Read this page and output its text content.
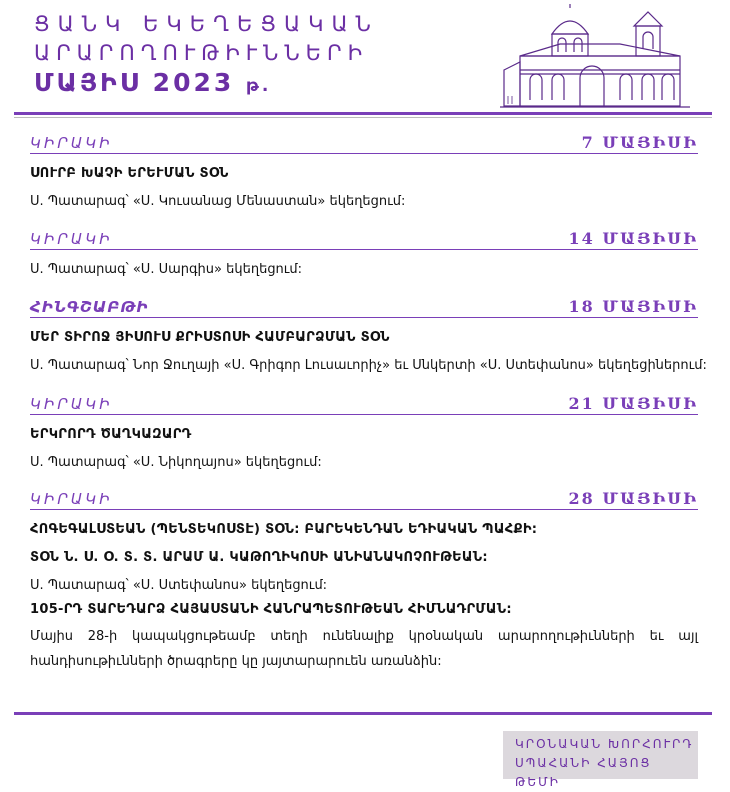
ՑԱՆԿ ԵԿԵՂԵՑԱԿԱՆ
ԱՐԱՐՈՂՈՒԹԻՒՆՆԵՐԻ
ՄԱՅԻՍ 2023 թ.
ԿԻՐԱԿԻ	7 ՄԱՅԻՍԻ
ՍՈՒՐԲ ԽԱՉԻ ԵՐԵՒՄԱՆ ՏՕՆ
Ս. Պատարագ՝ «Ս. Կուսանաց Մենաստան» եկեղեցում:
ԿԻՐԱԿԻ	14 ՄԱՅԻՍԻ
Ս. Պատարագ՝ «Ս. Սարգիս» եկեղեցում:
ՀԻՆԳՇԱԲԹԻ	18 ՄԱՅԻՍԻ
ՄԵՐ ՏԻՐՈՋ ՅԻՍՈՒՍ ՔՐԻՍՏՈՍԻ ՀԱՄԲԱՐՁՄԱՆ ՏՕՆ
Ս. Պատարագ՝ Նոր Ջուղայի «Ս. Գրիգոր Լուսաւորիչ» եւ Սնկերտի «Ս. Ստեփանոս» եկեղեցիներում:
ԿԻՐԱԿԻ	21 ՄԱՅԻՍԻ
ԵՐԿՐՈՐԴ ԾԱՂԿԱԶԱՐԴ
Ս. Պատարագ՝ «Ս. Նիկողայոս» եկեղեցում:
ԿԻՐԱԿԻ	28 ՄԱՅԻՍԻ
ՀՈԳԵԳԱԼՍՏԵԱՆ (ՊԵՆՏԵԿՈՍՏԷ) ՏՕՆ: ԲԱՐԵԿԵՆԴԱՆ ԵԴԻԱԿԱՆ ՊԱՀՔԻ:
ՏՕՆ Ն. Ս. Օ. Տ. Տ. ԱՐԱՄ Ա. ԿԱԹՈՂԻԿՈՍԻ ԱՆԻԱՆԱԿՈՉՈՒԹԵԱՆ:
Ս. Պատարագ՝ «Ս. Ստեփանոս» եկեղեցում:
105-ՐԴ ՏԱՐԵԴԱՐՁ ՀԱՅԱՍՏԱՆԻ ՀԱՆՐԱՊԵՏՈՒԹԵԱՆ ՀԻՄՆԱԴՐՄԱՆ:
Մայիս 28-ի կապակցութեամբ տեղի ունենալիք կրօնական արարողութիւնների եւ այլ
հանդիսութիւնների ծրագրերը կը յայտարարուեն առանձին:
ԿՐՕՆԱԿԱՆ ԽՈՐՀՈՒՐԴ
ՍՊԱՀԱՆԻ ՀԱՅՈՑ ԹԵՄԻ
